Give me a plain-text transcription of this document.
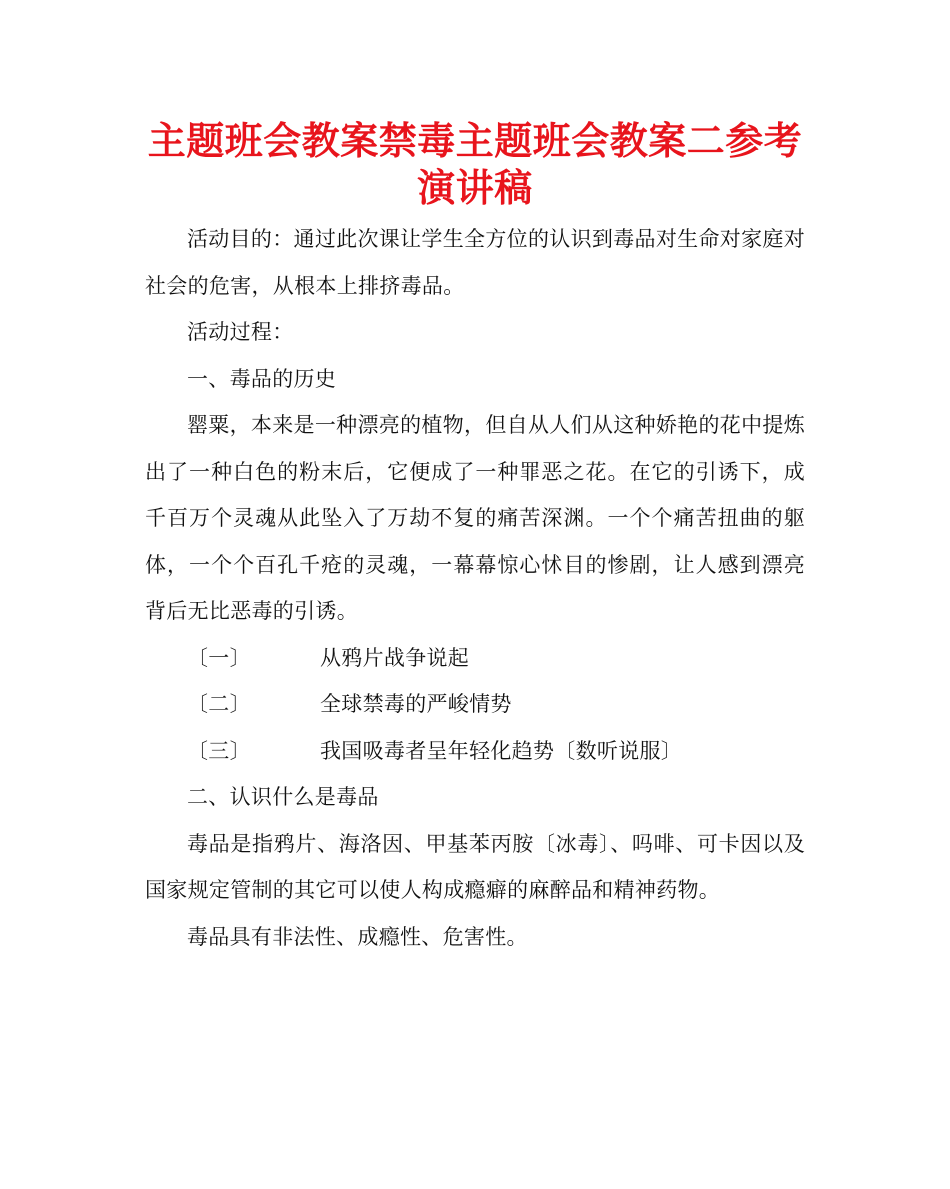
主题班会教案禁毒主题班会教案二参考演讲稿

活动目的：通过此次课让学生全方位的认识到毒品对生命对家庭对社会的危害，从根本上排挤毒品。

活动过程：

一、毒品的历史

罂粟，本来是一种漂亮的植物，但自从人们从这种娇艳的花中提炼出了一种白色的粉末后，它便成了一种罪恶之花。在它的引诱下，成千百万个灵魂从此坠入了万劫不复的痛苦深渊。一个个痛苦扭曲的躯体，一个个百孔千疮的灵魂，一幕幕惊心怵目的惨剧，让人感到漂亮背后无比恶毒的引诱。

〔一〕	从鸦片战争说起
〔二〕	全球禁毒的严峻情势
〔三〕	我国吸毒者呈年轻化趋势〔数听说服〕

二、认识什么是毒品

毒品是指鸦片、海洛因、甲基苯丙胺〔冰毒〕、吗啡、可卡因以及国家规定管制的其它可以使人构成瘾癖的麻醉品和精神药物。

毒品具有非法性、成瘾性、危害性。
